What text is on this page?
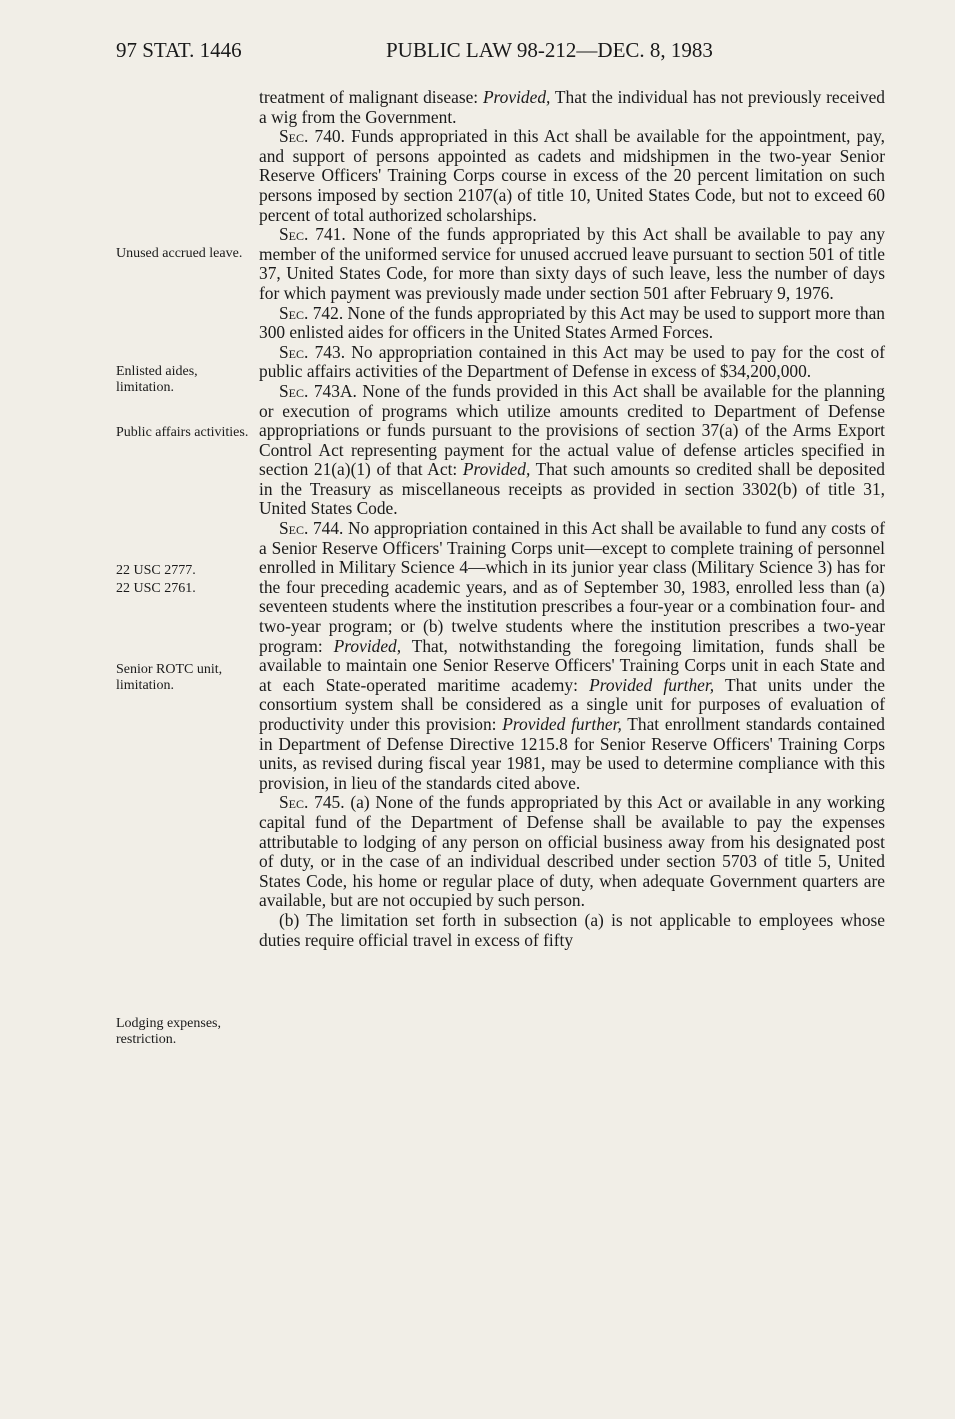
97 STAT. 1446	PUBLIC LAW 98-212—DEC. 8, 1983
Unused accrued leave.
Enlisted aides, limitation.
Public affairs activities.
22 USC 2777.
22 USC 2761.
Senior ROTC unit, limitation.
Lodging expenses, restriction.

treatment of malignant disease: Provided, That the individual has not previously received a wig from the Government.

Sec. 740. Funds appropriated in this Act shall be available for the appointment, pay, and support of persons appointed as cadets and midshipmen in the two-year Senior Reserve Officers' Training Corps course in excess of the 20 percent limitation on such persons imposed by section 2107(a) of title 10, United States Code, but not to exceed 60 percent of total authorized scholarships.

Sec. 741. None of the funds appropriated by this Act shall be available to pay any member of the uniformed service for unused accrued leave pursuant to section 501 of title 37, United States Code, for more than sixty days of such leave, less the number of days for which payment was previously made under section 501 after February 9, 1976.

Sec. 742. None of the funds appropriated by this Act may be used to support more than 300 enlisted aides for officers in the United States Armed Forces.

Sec. 743. No appropriation contained in this Act may be used to pay for the cost of public affairs activities of the Department of Defense in excess of $34,200,000.

Sec. 743A. None of the funds provided in this Act shall be available for the planning or execution of programs which utilize amounts credited to Department of Defense appropriations or funds pursuant to the provisions of section 37(a) of the Arms Export Control Act representing payment for the actual value of defense articles specified in section 21(a)(1) of that Act: Provided, That such amounts so credited shall be deposited in the Treasury as miscellaneous receipts as provided in section 3302(b) of title 31, United States Code.

Sec. 744. No appropriation contained in this Act shall be available to fund any costs of a Senior Reserve Officers' Training Corps unit—except to complete training of personnel enrolled in Military Science 4—which in its junior year class (Military Science 3) has for the four preceding academic years, and as of September 30, 1983, enrolled less than (a) seventeen students where the institution prescribes a four-year or a combination four- and two-year program; or (b) twelve students where the institution prescribes a two-year program: Provided, That, notwithstanding the foregoing limitation, funds shall be available to maintain one Senior Reserve Officers' Training Corps unit in each State and at each State-operated maritime academy: Provided further, That units under the consortium system shall be considered as a single unit for purposes of evaluation of productivity under this provision: Provided further, That enrollment standards contained in Department of Defense Directive 1215.8 for Senior Reserve Officers' Training Corps units, as revised during fiscal year 1981, may be used to determine compliance with this provision, in lieu of the standards cited above.

Sec. 745. (a) None of the funds appropriated by this Act or available in any working capital fund of the Department of Defense shall be available to pay the expenses attributable to lodging of any person on official business away from his designated post of duty, or in the case of an individual described under section 5703 of title 5, United States Code, his home or regular place of duty, when adequate Government quarters are available, but are not occupied by such person.

(b) The limitation set forth in subsection (a) is not applicable to employees whose duties require official travel in excess of fifty
